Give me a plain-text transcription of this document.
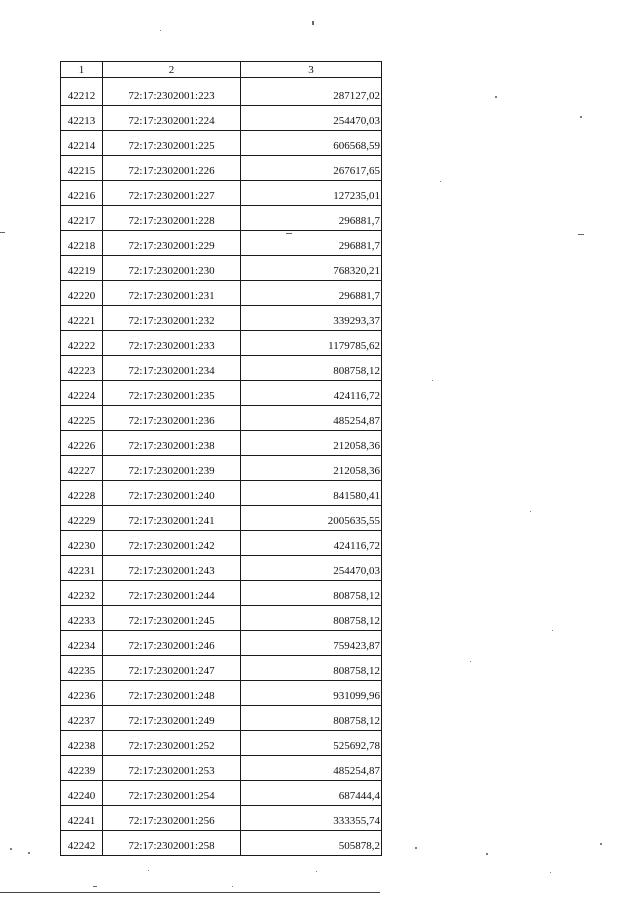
1	2	3
42212	72:17:2302001:223	287127,02
42213	72:17:2302001:224	254470,03
42214	72:17:2302001:225	606568,59
42215	72:17:2302001:226	267617,65
42216	72:17:2302001:227	127235,01
42217	72:17:2302001:228	296881,7
42218	72:17:2302001:229	296881,7
42219	72:17:2302001:230	768320,21
42220	72:17:2302001:231	296881,7
42221	72:17:2302001:232	339293,37
42222	72:17:2302001:233	1179785,62
42223	72:17:2302001:234	808758,12
42224	72:17:2302001:235	424116,72
42225	72:17:2302001:236	485254,87
42226	72:17:2302001:238	212058,36
42227	72:17:2302001:239	212058,36
42228	72:17:2302001:240	841580,41
42229	72:17:2302001:241	2005635,55
42230	72:17:2302001:242	424116,72
42231	72:17:2302001:243	254470,03
42232	72:17:2302001:244	808758,12
42233	72:17:2302001:245	808758,12
42234	72:17:2302001:246	759423,87
42235	72:17:2302001:247	808758,12
42236	72:17:2302001:248	931099,96
42237	72:17:2302001:249	808758,12
42238	72:17:2302001:252	525692,78
42239	72:17:2302001:253	485254,87
42240	72:17:2302001:254	687444,4
42241	72:17:2302001:256	333355,74
42242	72:17:2302001:258	505878,2
